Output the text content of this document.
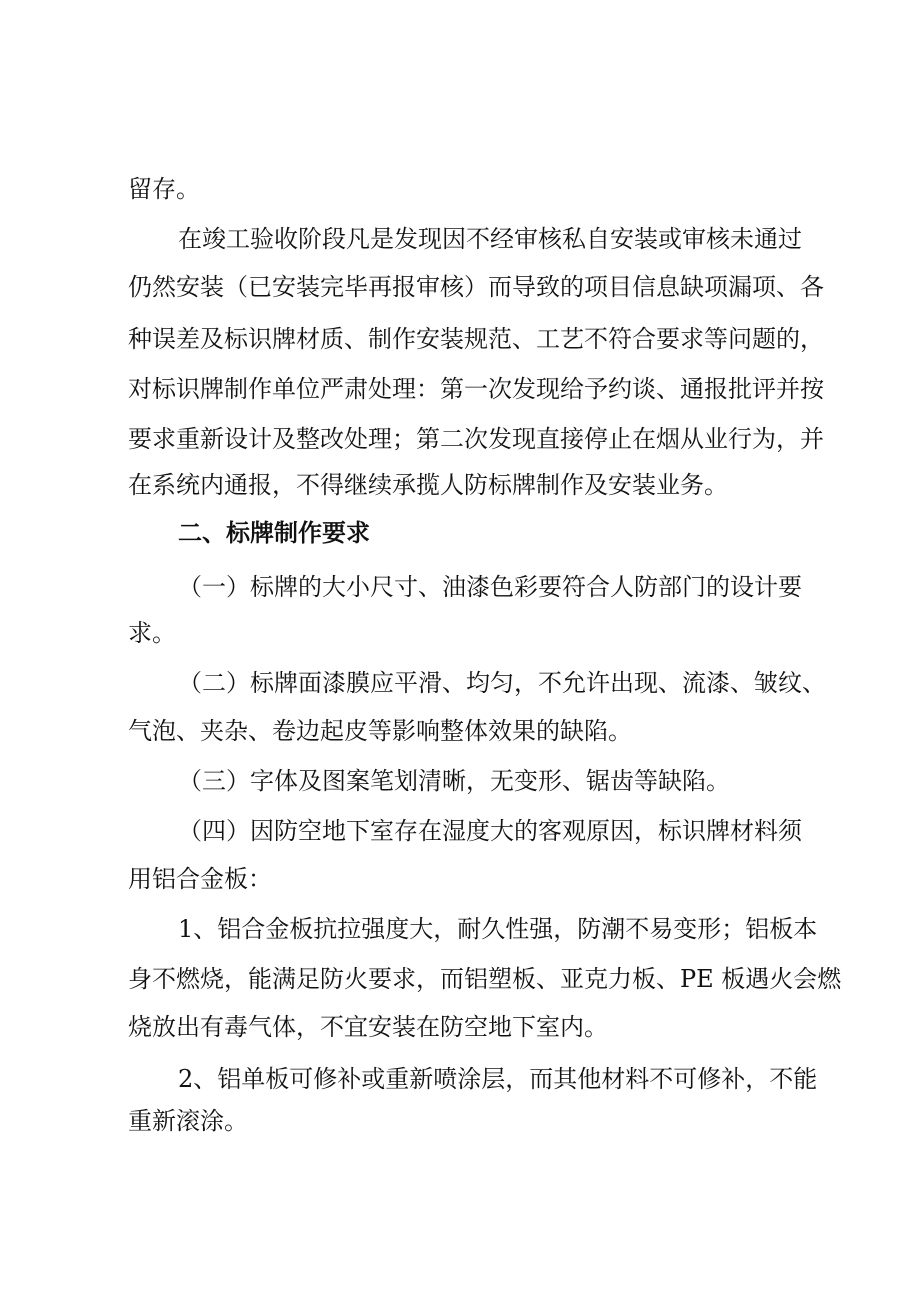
留存。
在竣工验收阶段凡是发现因不经审核私自安装或审核未通过
仍然安装（已安装完毕再报审核）而导致的项目信息缺项漏项、各
种误差及标识牌材质、制作安装规范、工艺不符合要求等问题的，
对标识牌制作单位严肃处理：第一次发现给予约谈、通报批评并按
要求重新设计及整改处理；第二次发现直接停止在烟从业行为，并
在系统内通报，不得继续承揽人防标牌制作及安装业务。
二、标牌制作要求
（一）标牌的大小尺寸、油漆色彩要符合人防部门的设计要
求。
（二）标牌面漆膜应平滑、均匀，不允许出现、流漆、皱纹、
气泡、夹杂、卷边起皮等影响整体效果的缺陷。
（三）字体及图案笔划清晰，无变形、锯齿等缺陷。
（四）因防空地下室存在湿度大的客观原因，标识牌材料须
用铝合金板：
1、铝合金板抗拉强度大，耐久性强，防潮不易变形；铝板本
身不燃烧，能满足防火要求，而铝塑板、亚克力板、PE 板遇火会燃
烧放出有毒气体，不宜安装在防空地下室内。
2、铝单板可修补或重新喷涂层，而其他材料不可修补，不能
重新滚涂。
